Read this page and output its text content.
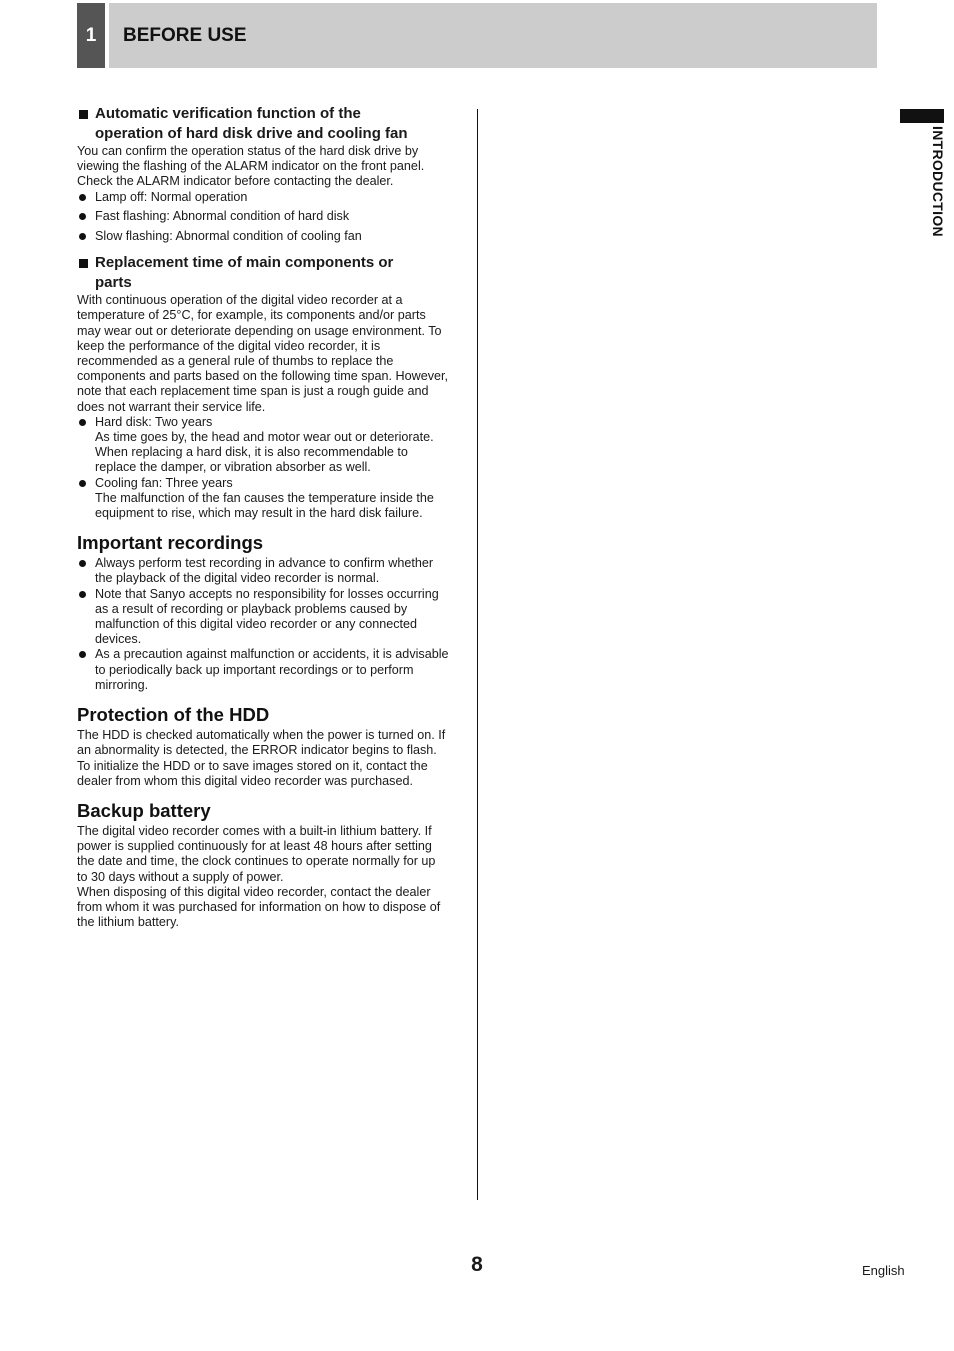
1	BEFORE USE
INTRODUCTION
Automatic verification function of the
operation of hard disk drive and cooling fan

You can confirm the operation status of the hard disk drive by viewing the flashing of the ALARM indicator on the front panel. Check the ALARM indicator before contacting the dealer.

Lamp off: Normal operation
Fast flashing: Abnormal condition of hard disk
Slow flashing: Abnormal condition of cooling fan
Replacement time of main components or
parts

With continuous operation of the digital video recorder at a temperature of 25°C, for example, its components and/or parts may wear out or deteriorate depending on usage environment. To keep the performance of the digital video recorder, it is recommended as a general rule of thumbs to replace the components and parts based on the following time span. However, note that each replacement time span is just a rough guide and does not warrant their service life.

Hard disk: Two years
As time goes by, the head and motor wear out or deteriorate. When replacing a hard disk, it is also recommendable to replace the damper, or vibration absorber as well.
Cooling fan: Three years
The malfunction of the fan causes the temperature inside the equipment to rise, which may result in the hard disk failure.
Important recordings
Always perform test recording in advance to confirm whether the playback of the digital video recorder is normal.
Note that Sanyo accepts no responsibility for losses occurring as a result of recording or playback problems caused by malfunction of this digital video recorder or any connected devices.
As a precaution against malfunction or accidents, it is advisable to periodically back up important recordings or to perform mirroring.
Protection of the HDD

The HDD is checked automatically when the power is turned on. If an abnormality is detected, the ERROR indicator begins to flash. To initialize the HDD or to save images stored on it, contact the dealer from whom this digital video recorder was purchased.

Backup battery

The digital video recorder comes with a built-in lithium battery. If power is supplied continuously for at least 48 hours after setting the date and time, the clock continues to operate normally for up to 30 days without a supply of power.

When disposing of this digital video recorder, contact the dealer from whom it was purchased for information on how to dispose of the lithium battery.

8	English
